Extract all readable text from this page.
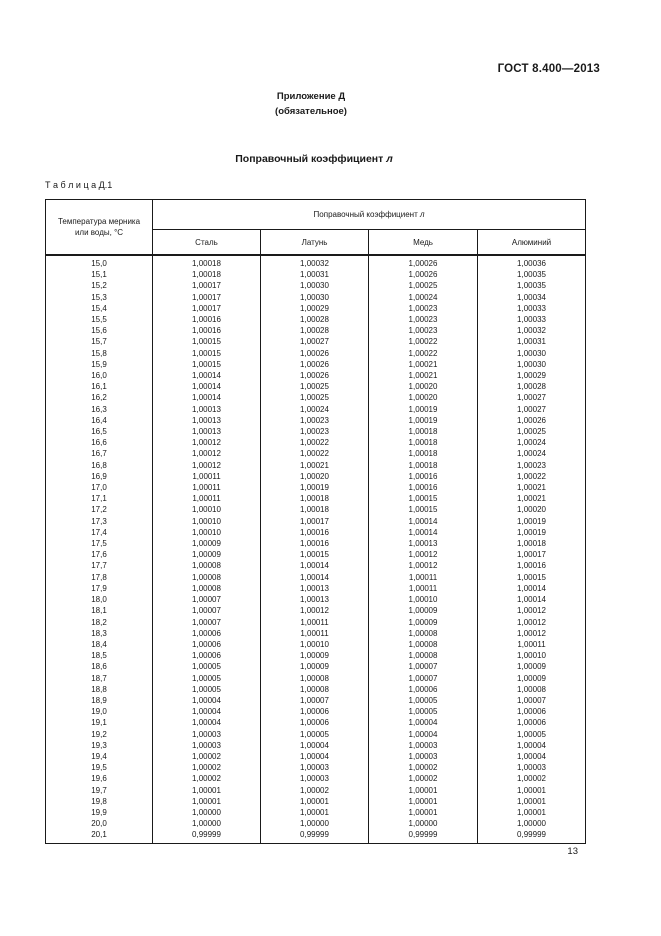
ГОСТ 8.400—2013
Приложение Д
(обязательное)
Поправочный коэффициент л
Т а б л и ц а Д.1
Температура мерника
или воды, °С	Поправочный коэффициент л			
	Сталь	Латунь	Медь	Алюминий
15,0	1,00018	1,00032	1,00026	1,00036
15,1	1,00018	1,00031	1,00026	1,00035
15,2	1,00017	1,00030	1,00025	1,00035
15,3	1,00017	1,00030	1,00024	1,00034
15,4	1,00017	1,00029	1,00023	1,00033
15,5	1,00016	1,00028	1,00023	1,00033
15,6	1,00016	1,00028	1,00023	1,00032
15,7	1,00015	1,00027	1,00022	1,00031
15,8	1,00015	1,00026	1,00022	1,00030
15,9	1,00015	1,00026	1,00021	1,00030
16,0	1,00014	1,00026	1,00021	1,00029
16,1	1,00014	1,00025	1,00020	1,00028
16,2	1,00014	1,00025	1,00020	1,00027
16,3	1,00013	1,00024	1,00019	1,00027
16,4	1,00013	1,00023	1,00019	1,00026
16,5	1,00013	1,00023	1,00018	1,00025
16,6	1,00012	1,00022	1,00018	1,00024
16,7	1,00012	1,00022	1,00018	1,00024
16,8	1,00012	1,00021	1,00018	1,00023
16,9	1,00011	1,00020	1,00016	1,00022
17,0	1,00011	1,00019	1,00016	1,00021
17,1	1,00011	1,00018	1,00015	1,00021
17,2	1,00010	1,00018	1,00015	1,00020
17,3	1,00010	1,00017	1,00014	1,00019
17,4	1,00010	1,00016	1,00014	1,00019
17,5	1,00009	1,00016	1,00013	1,00018
17,6	1,00009	1,00015	1,00012	1,00017
17,7	1,00008	1,00014	1,00012	1,00016
17,8	1,00008	1,00014	1,00011	1,00015
17,9	1,00008	1,00013	1,00011	1,00014
18,0	1,00007	1,00013	1,00010	1,00014
18,1	1,00007	1,00012	1,00009	1,00012
18,2	1,00007	1,00011	1,00009	1,00012
18,3	1,00006	1,00011	1,00008	1,00012
18,4	1,00006	1,00010	1,00008	1,00011
18,5	1,00006	1,00009	1,00008	1,00010
18,6	1,00005	1,00009	1,00007	1,00009
18,7	1,00005	1,00008	1,00007	1,00009
18,8	1,00005	1,00008	1,00006	1,00008
18,9	1,00004	1,00007	1,00005	1,00007
19,0	1,00004	1,00006	1,00005	1,00006
19,1	1,00004	1,00006	1,00004	1,00006
19,2	1,00003	1,00005	1,00004	1,00005
19,3	1,00003	1,00004	1,00003	1,00004
19,4	1,00002	1,00004	1,00003	1,00004
19,5	1,00002	1,00003	1,00002	1,00003
19,6	1,00002	1,00003	1,00002	1,00002
19,7	1,00001	1,00002	1,00001	1,00001
19,8	1,00001	1,00001	1,00001	1,00001
19,9	1,00000	1,00001	1,00001	1,00001
20,0	1,00000	1,00000	1,00000	1,00000
20,1	0,99999	0,99999	0,99999	0,99999
13
